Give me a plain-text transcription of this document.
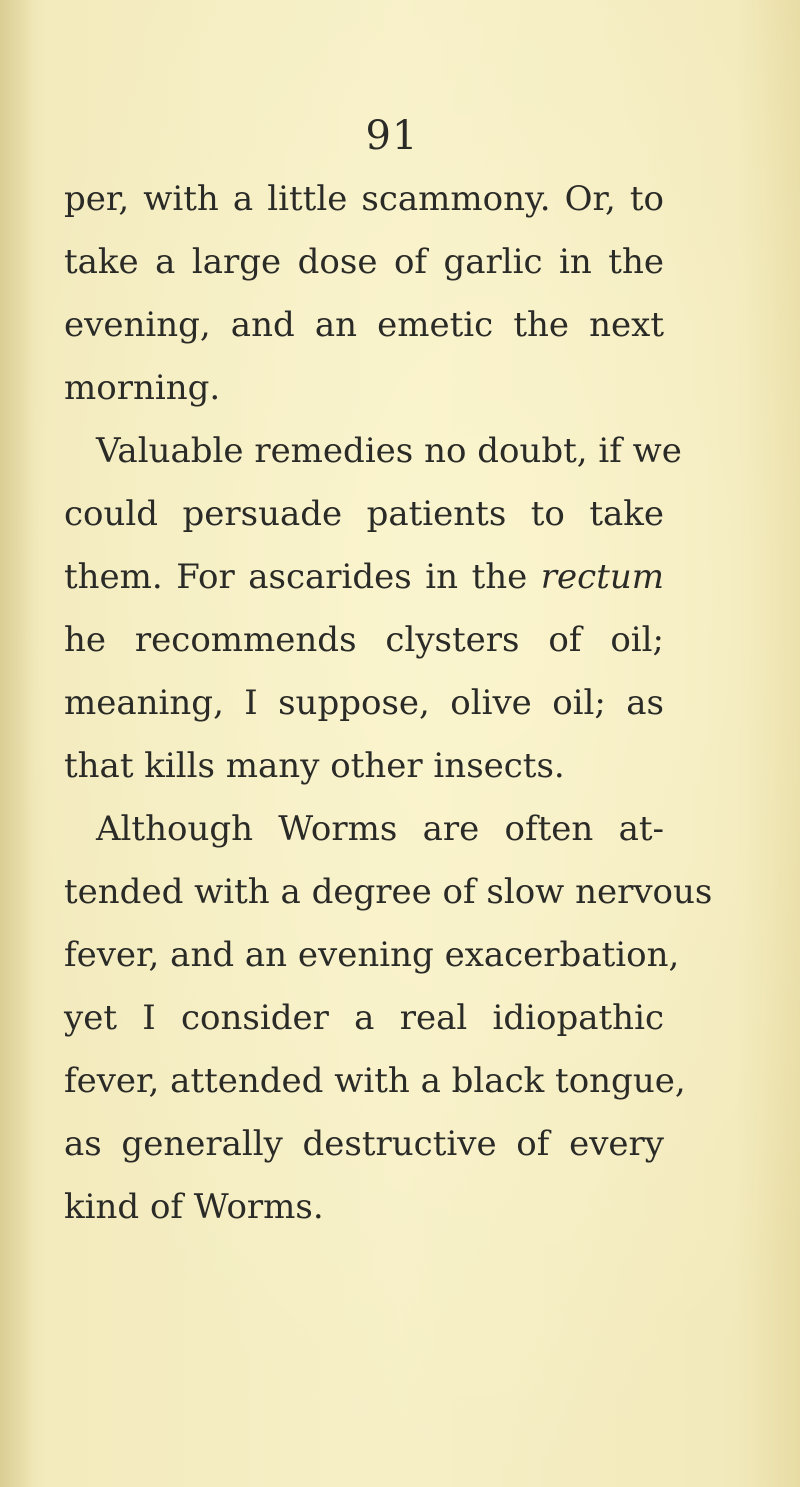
91
per, with a little scammony. Or, to
take a large dose of garlic in the
evening, and an emetic the next
morning.
Valuable remedies no doubt, if we
could persuade patients to take
them. For ascarides in the rectum
he recommends clysters of oil;
meaning, I suppose, olive oil; as
that kills many other insects.
Although Worms are often at-
tended with a degree of slow nervous
fever, and an evening exacerbation,
yet I consider a real idiopathic
fever, attended with a black tongue,
as generally destructive of every
kind of Worms.
